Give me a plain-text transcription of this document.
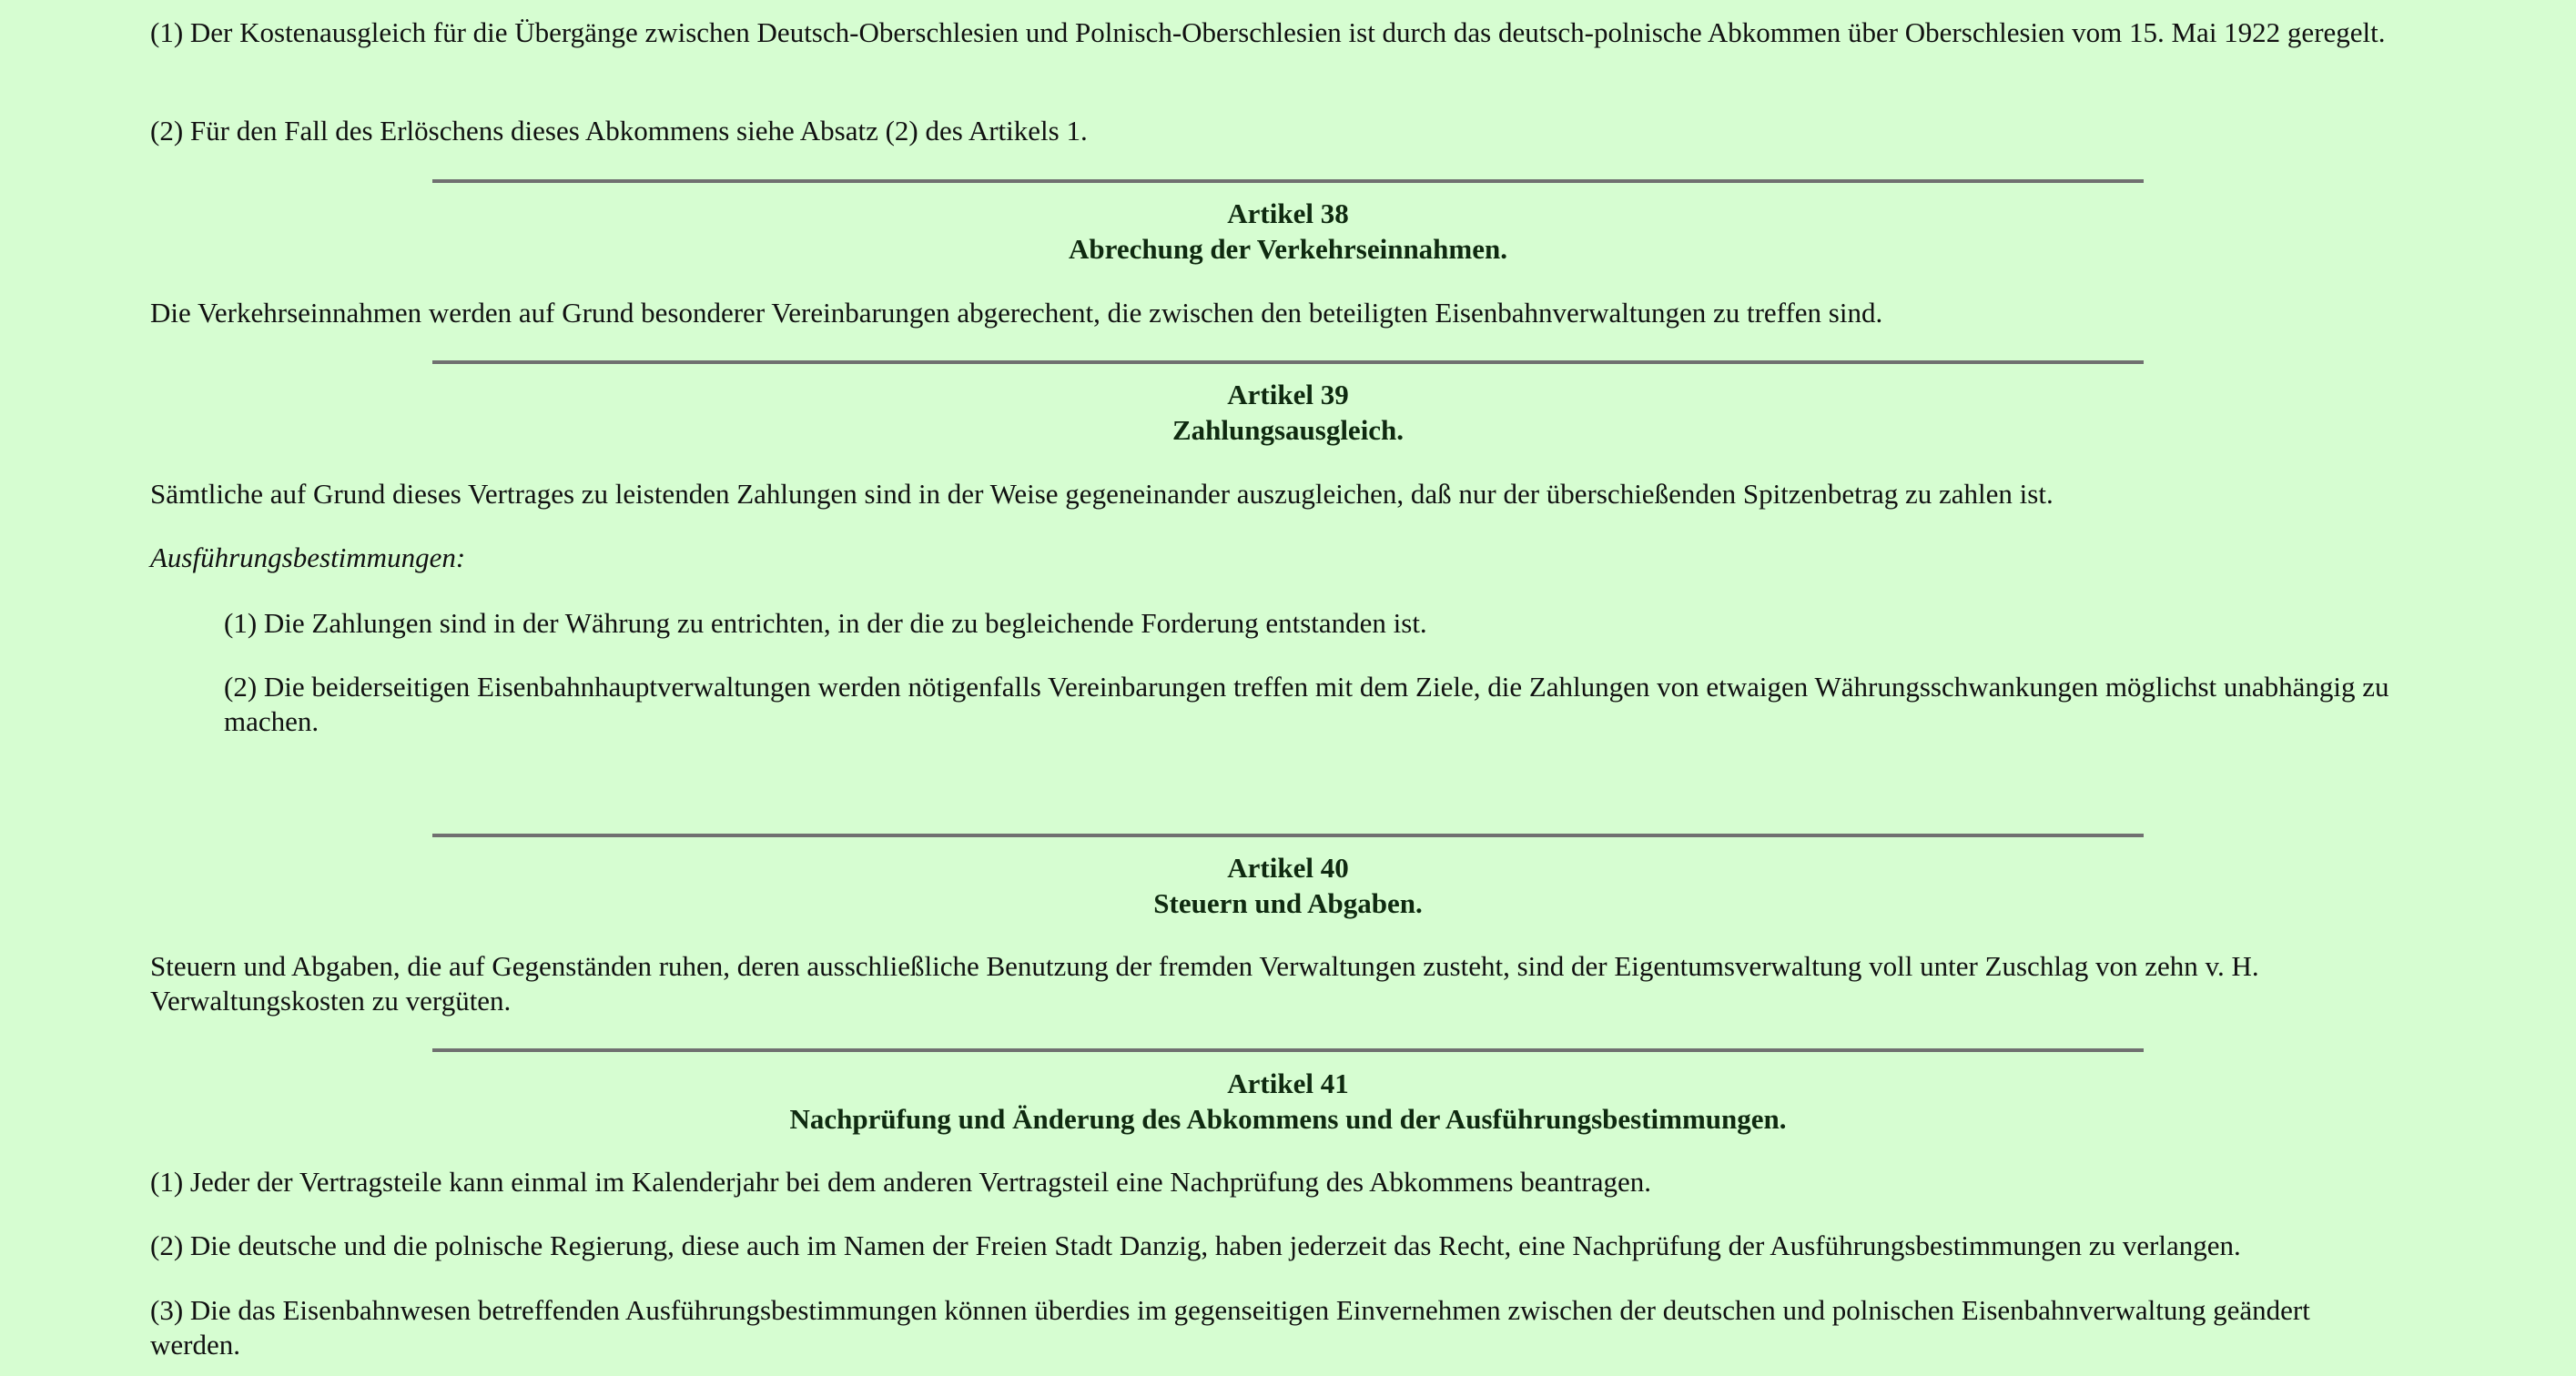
(1) Der Kostenausgleich für die Übergänge zwischen Deutsch-Oberschlesien und Polnisch-Oberschlesien ist durch das deutsch-polnische Abkommen über Oberschlesien vom 15. Mai 1922 geregelt.

(2) Für den Fall des Erlöschens dieses Abkommens siehe Absatz (2) des Artikels 1.

Artikel 38
Abrechung der Verkehrseinnahmen.

Die Verkehrseinnahmen werden auf Grund besonderer Vereinbarungen abgerechent, die zwischen den beteiligten Eisenbahnverwaltungen zu treffen sind.

Artikel 39
Zahlungsausgleich.

Sämtliche auf Grund dieses Vertrages zu leistenden Zahlungen sind in der Weise gegeneinander auszugleichen, daß nur der überschießenden Spitzenbetrag zu zahlen ist.

Ausführungsbestimmungen:

(1) Die Zahlungen sind in der Währung zu entrichten, in der die zu begleichende Forderung entstanden ist.

(2) Die beiderseitigen Eisenbahnhauptverwaltungen werden nötigenfalls Vereinbarungen treffen mit dem Ziele, die Zahlungen von etwaigen Währungsschwankungen möglichst unabhängig zu machen.

Artikel 40
Steuern und Abgaben.

Steuern und Abgaben, die auf Gegenständen ruhen, deren ausschließliche Benutzung der fremden Verwaltungen zusteht, sind der Eigentumsverwaltung voll unter Zuschlag von zehn v. H. Verwaltungskosten zu vergüten.

Artikel 41
Nachprüfung und Änderung des Abkommens und der Ausführungsbestimmungen.

(1) Jeder der Vertragsteile kann einmal im Kalenderjahr bei dem anderen Vertragsteil eine Nachprüfung des Abkommens beantragen.

(2) Die deutsche und die polnische Regierung, diese auch im Namen der Freien Stadt Danzig, haben jederzeit das Recht, eine Nachprüfung der Ausführungsbestimmungen zu verlangen.

(3) Die das Eisenbahnwesen betreffenden Ausführungsbestimmungen können überdies im gegenseitigen Einvernehmen zwischen der deutschen und polnischen Eisenbahnverwaltung geändert werden.
